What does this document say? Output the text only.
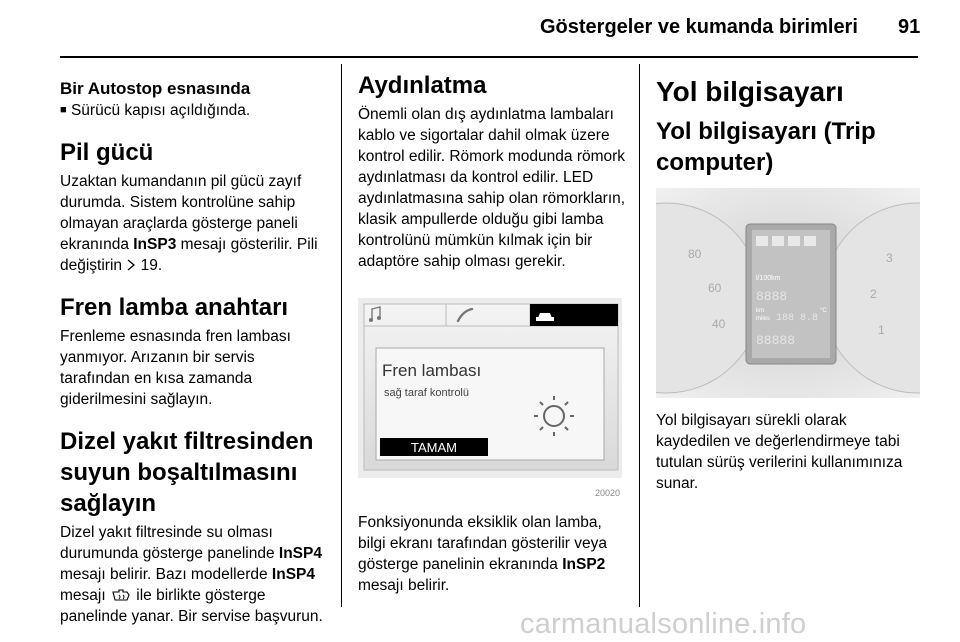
Göstergeler ve kumanda birimleri 91
Bir Autostop esnasında
■ Sürücü kapısı açıldığında.
Pil gücü

Uzaktan kumandanın pil gücü zayıf durumda. Sistem kontrolüne sahip olmayan araçlarda gösterge paneli ekranında InSP3 mesajı gösterilir. Pili değiştirin  19.

Fren lamba anahtarı

Frenleme esnasında fren lambası yanmıyor. Arızanın bir servis tarafından en kısa zamanda giderilmesini sağlayın.

Dizel yakıt filtresinden suyun boşaltılmasını sağlayın

Dizel yakıt filtresinde su olması durumunda gösterge panelinde InSP4 mesajı belirir. Bazı modellerde InSP4 mesajı  ile birlikte gösterge panelinde yanar. Bir servise başvurun.

Aydınlatma

Önemli olan dış aydınlatma lambaları kablo ve sigortalar dahil olmak üzere kontrol edilir. Römork modunda römork aydınlatması da kontrol edilir. LED aydınlatmasına sahip olan römorkların, klasik ampullerde olduğu gibi lamba kontrolünü mümkün kılmak için bir adaptöre sahip olması gerekir.

Fren lambası
sağ taraf kontrolü
TAMAM
20020

Fonksiyonunda eksiklik olan lamba, bilgi ekranı tarafından gösterilir veya gösterge panelinin ekranında InSP2 mesajı belirir.

Yol bilgisayarı
Yol bilgisayarı (Trip computer)
80
60
40
3
2
1
l/100km
8888
km
miles 188 8.8
°C
88888

Yol bilgisayarı sürekli olarak kaydedilen ve değerlendirmeye tabi tutulan sürüş verilerini kullanımınıza sunar.

carmanualsonline.info
